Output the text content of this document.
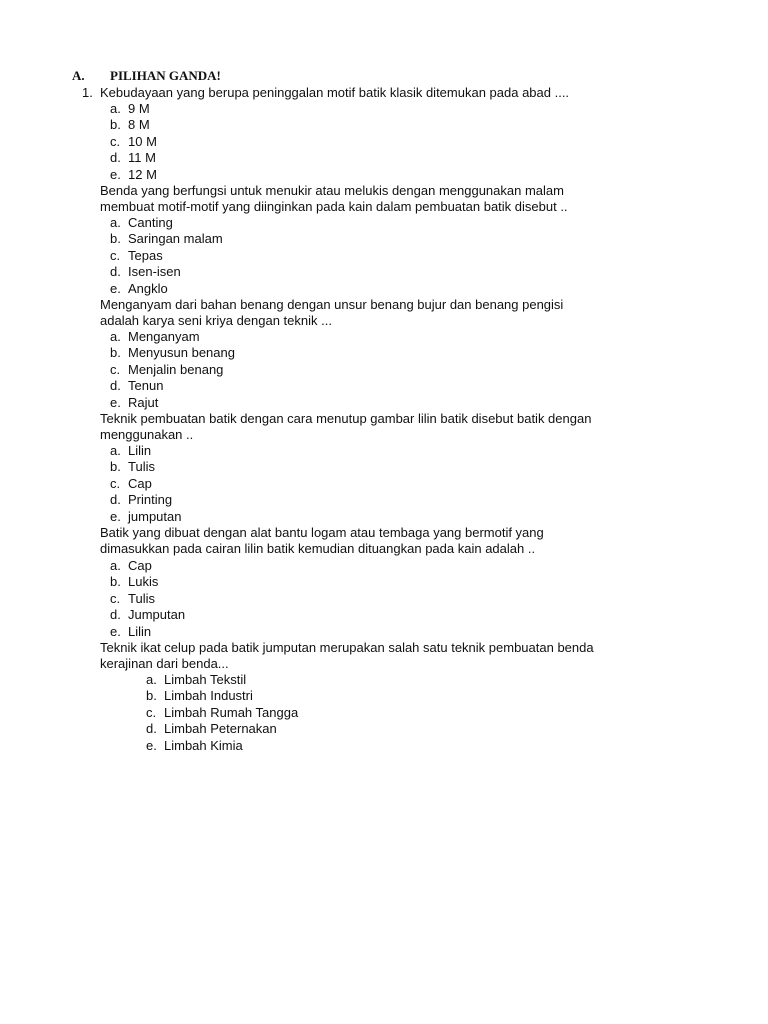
A. PILIHAN GANDA!
1. Kebudayaan yang berupa peninggalan motif batik klasik ditemukan pada abad ....
a. 9 M
b. 8 M
c. 10 M
d. 11 M
e. 12 M
Benda yang berfungsi untuk menukir atau melukis dengan menggunakan malam
membuat motif-motif yang diinginkan pada kain dalam pembuatan batik disebut ..
a. Canting
b. Saringan malam
c. Tepas
d. Isen-isen
e. Angklo
Menganyam dari bahan benang dengan unsur benang bujur dan benang pengisi
adalah karya seni kriya dengan teknik ...
a. Menganyam
b. Menyusun benang
c. Menjalin benang
d. Tenun
e. Rajut
Teknik pembuatan batik dengan cara menutup gambar lilin batik disebut batik dengan
menggunakan ..
a. Lilin
b. Tulis
c. Cap
d. Printing
e. jumputan
Batik yang dibuat dengan alat bantu logam atau tembaga yang bermotif yang
dimasukkan pada cairan lilin batik kemudian dituangkan pada kain adalah ..
a. Cap
b. Lukis
c. Tulis
d. Jumputan
e. Lilin
Teknik ikat celup pada batik jumputan merupakan salah satu teknik pembuatan benda
kerajinan dari benda...
a. Limbah Tekstil
b. Limbah Industri
c. Limbah Rumah Tangga
d. Limbah Peternakan
e. Limbah Kimia
